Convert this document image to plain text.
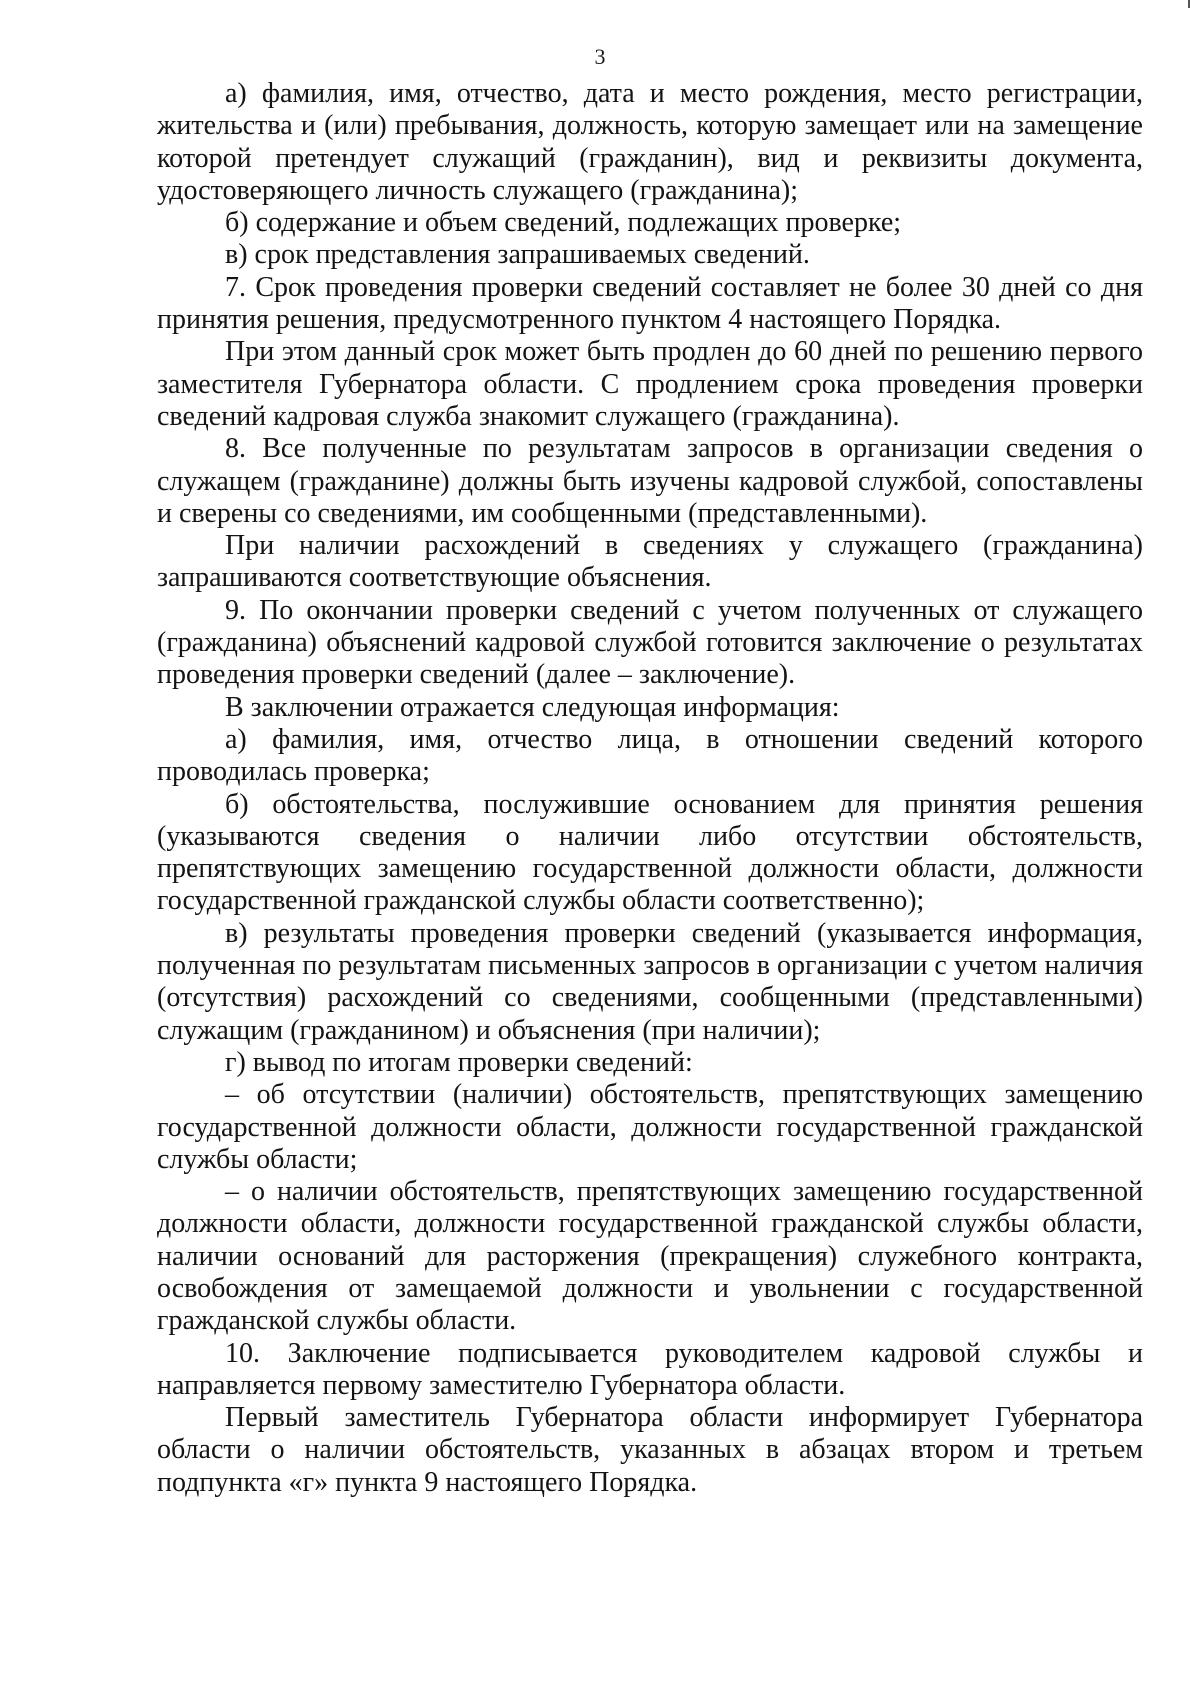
3

а) фамилия, имя, отчество, дата и место рождения, место регистрации, жительства и (или) пребывания, должность, которую замещает или на замещение которой претендует служащий (гражданин), вид и реквизиты документа, удостоверяющего личность служащего (гражданина);

б) содержание и объем сведений, подлежащих проверке;

в) срок представления запрашиваемых сведений.

7. Срок проведения проверки сведений составляет не более 30 дней со дня принятия решения, предусмотренного пунктом 4 настоящего Порядка.

При этом данный срок может быть продлен до 60 дней по решению первого заместителя Губернатора области. С продлением срока проведения проверки сведений кадровая служба знакомит служащего (гражданина).

8. Все полученные по результатам запросов в организации сведения о служащем (гражданине) должны быть изучены кадровой службой, сопоставлены и сверены со сведениями, им сообщенными (представленными).

При наличии расхождений в сведениях у служащего (гражданина) запрашиваются соответствующие объяснения.

9. По окончании проверки сведений с учетом полученных от служащего (гражданина) объяснений кадровой службой готовится заключение о результатах проведения проверки сведений (далее – заключение).

В заключении отражается следующая информация:

а) фамилия, имя, отчество лица, в отношении сведений которого проводилась проверка;

б) обстоятельства, послужившие основанием для принятия решения (указываются сведения о наличии либо отсутствии обстоятельств, препятствующих замещению государственной должности области, должности государственной гражданской службы области соответственно);

в) результаты проведения проверки сведений (указывается информация, полученная по результатам письменных запросов в организации с учетом наличия (отсутствия) расхождений со сведениями, сообщенными (представленными) служащим (гражданином) и объяснения (при наличии);

г) вывод по итогам проверки сведений:

– об отсутствии (наличии) обстоятельств, препятствующих замещению государственной должности области, должности государственной гражданской службы области;

– о наличии обстоятельств, препятствующих замещению государственной должности области, должности государственной гражданской службы области, наличии оснований для расторжения (прекращения) служебного контракта, освобождения от замещаемой должности и увольнении с государственной гражданской службы области.

10. Заключение подписывается руководителем кадровой службы и направляется первому заместителю Губернатора области.

Первый заместитель Губернатора области информирует Губернатора области о наличии обстоятельств, указанных в абзацах втором и третьем подпункта «г» пункта 9 настоящего Порядка.
